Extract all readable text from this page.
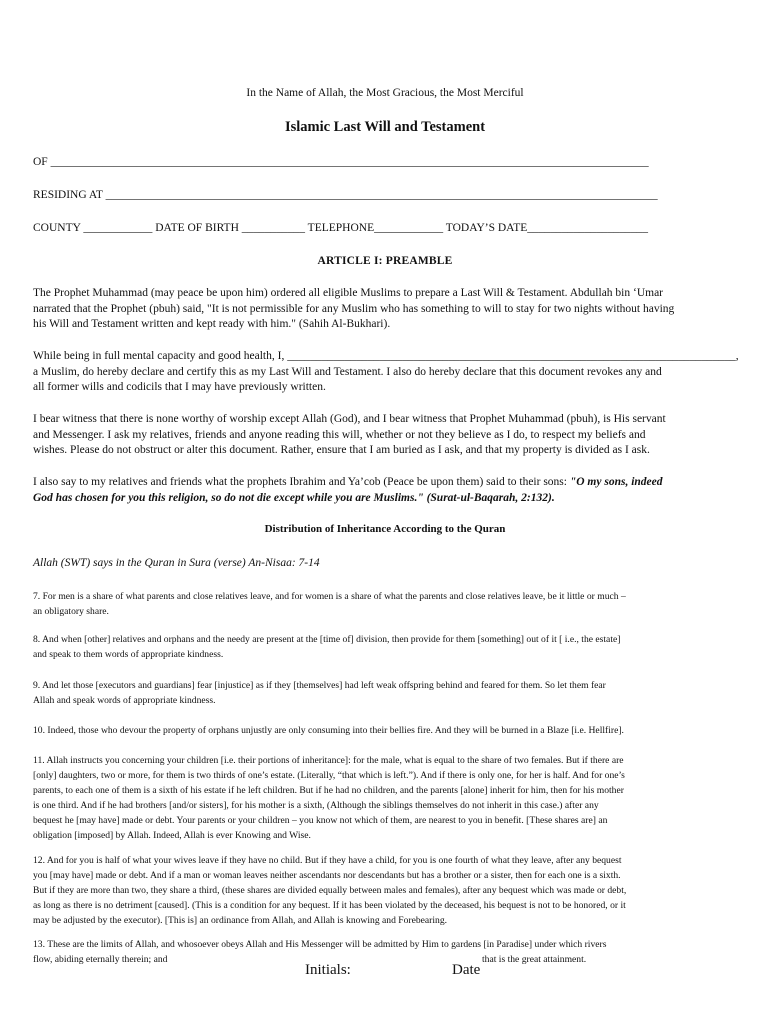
In the Name of Allah, the Most Gracious, the Most Merciful
Islamic Last Will and Testament
OF ________________________________________________________________________________________________________
RESIDING AT ________________________________________________________________________________________________
COUNTY ____________ DATE OF BIRTH ___________ TELEPHONE____________ TODAY’S DATE_____________________
ARTICLE I: PREAMBLE
The Prophet Muhammad (may peace be upon him) ordered all eligible Muslims to prepare a Last Will & Testament. Abdullah bin ‘Umar
narrated that the Prophet (pbuh) said, "It is not permissible for any Muslim who has something to will to stay for two nights without having
his Will and Testament written and kept ready with him." (Sahih Al-Bukhari).
While being in full mental capacity and good health, I, ______________________________________________________________________________,
a Muslim, do hereby declare and certify this as my Last Will and Testament. I also do hereby declare that this document revokes any and
all former wills and codicils that I may have previously written.
I bear witness that there is none worthy of worship except Allah (God), and I bear witness that Prophet Muhammad (pbuh), is His servant
and Messenger. I ask my relatives, friends and anyone reading this will, whether or not they believe as I do, to respect my beliefs and
wishes. Please do not obstruct or alter this document. Rather, ensure that I am buried as I ask, and that my property is divided as I ask.
I also say to my relatives and friends what the prophets Ibrahim and Ya’cob (Peace be upon them) said to their sons: "O my sons, indeed
God has chosen for you this religion, so do not die except while you are Muslims." (Surat-ul-Baqarah, 2:132).
Distribution of Inheritance According to the Quran
Allah (SWT) says in the Quran in Sura (verse) An-Nisaa: 7-14
7. For men is a share of what parents and close relatives leave, and for women is a share of what the parents and close relatives leave, be it little or much –
an obligatory share.
8. And when [other] relatives and orphans and the needy are present at the [time of] division, then provide for them [something] out of it [ i.e., the estate]
and speak to them words of appropriate kindness.
9. And let those [executors and guardians] fear [injustice] as if they [themselves] had left weak offspring behind and feared for them. So let them fear
Allah and speak words of appropriate kindness.
10. Indeed, those who devour the property of orphans unjustly are only consuming into their bellies fire. And they will be burned in a Blaze [i.e. Hellfire].
11. Allah instructs you concerning your children [i.e. their portions of inheritance]: for the male, what is equal to the share of two females. But if there are
[only] daughters, two or more, for them is two thirds of one’s estate. (Literally, “that which is left.”). And if there is only one, for her is half. And for one’s
parents, to each one of them is a sixth of his estate if he left children. But if he had no children, and the parents [alone] inherit for him, then for his mother
is one third. And if he had brothers [and/or sisters], for his mother is a sixth, (Although the siblings themselves do not inherit in this case.) after any
bequest he [may have] made or debt. Your parents or your children – you know not which of them, are nearest to you in benefit. [These shares are] an
obligation [imposed] by Allah. Indeed, Allah is ever Knowing and Wise.
12. And for you is half of what your wives leave if they have no child. But if they have a child, for you is one fourth of what they leave, after any bequest
you [may have] made or debt. And if a man or woman leaves neither ascendants nor descendants but has a brother or a sister, then for each one is a sixth.
But if they are more than two, they share a third, (these shares are divided equally between males and females), after any bequest which was made or debt,
as long as there is no detriment [caused]. (This is a condition for any bequest. If it has been violated by the deceased, his bequest is not to be honored, or it
may be adjusted by the executor). [This is] an ordinance from Allah, and Allah is knowing and Forebearing.
13. These are the limits of Allah, and whosoever obeys Allah and His Messenger will be admitted by Him to gardens [in Paradise] under which rivers
flow, abiding eternally therein; and	that is the great attainment.
Initials:	Date
